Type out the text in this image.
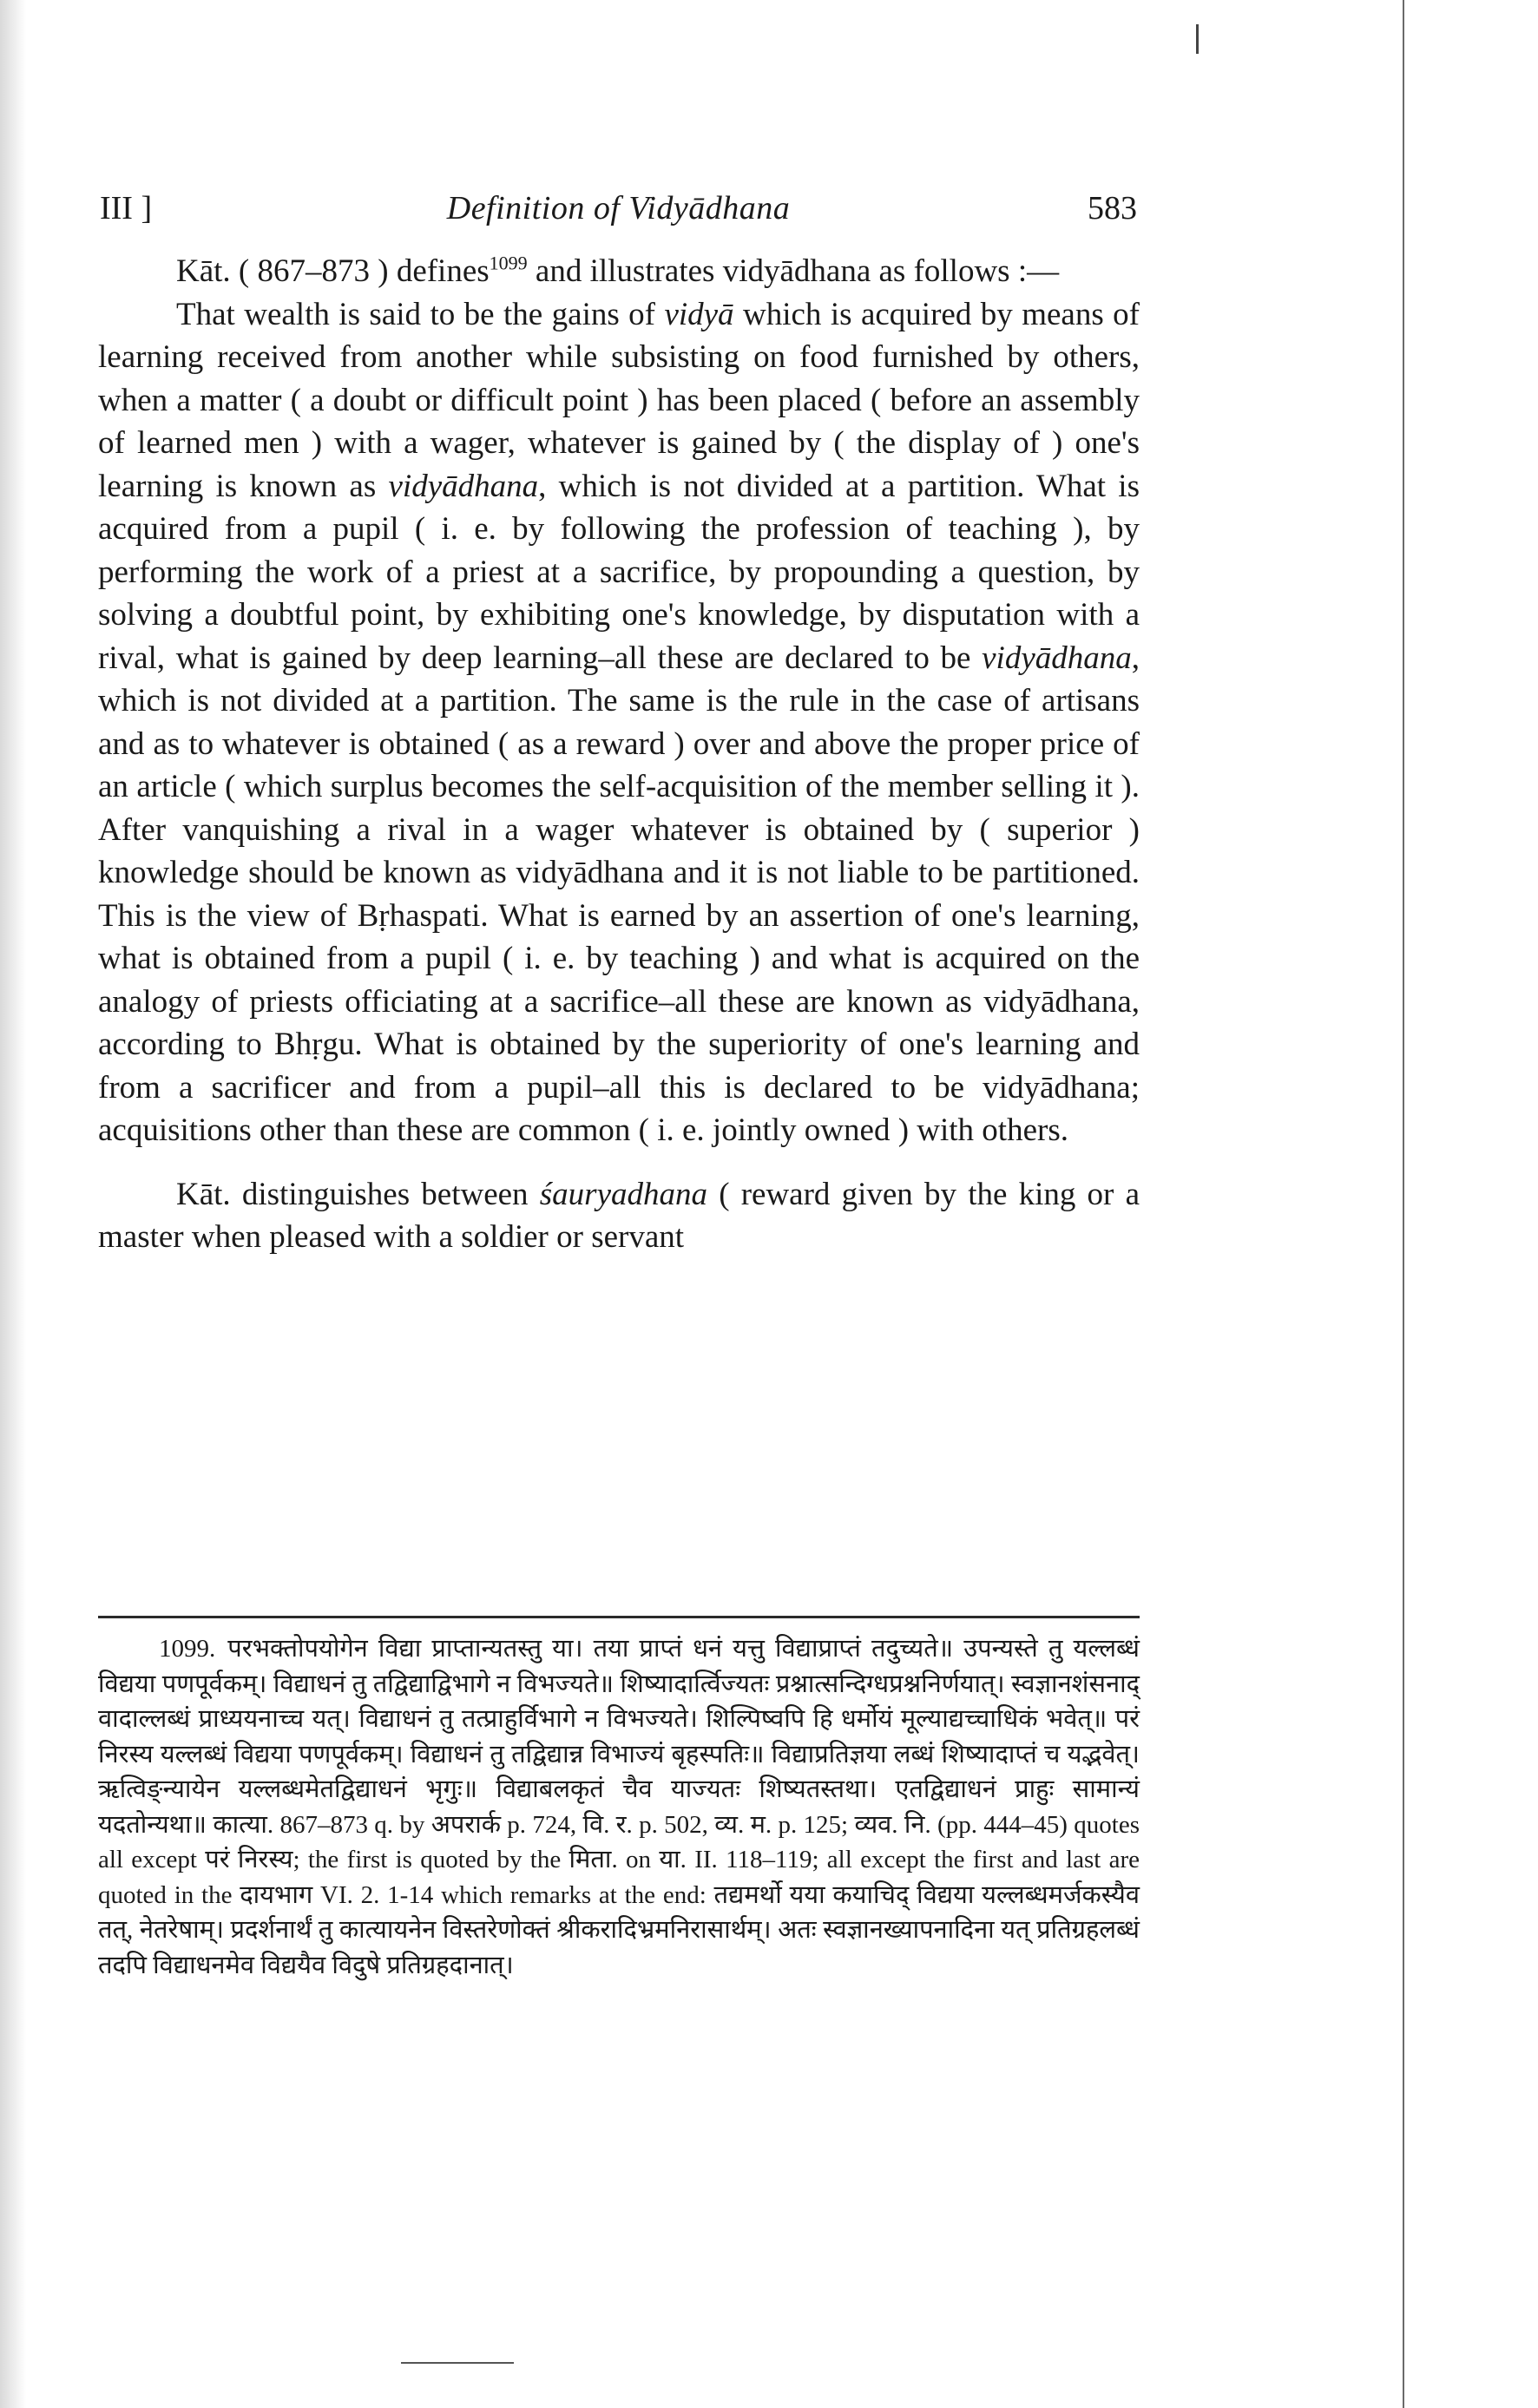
III ]	Definition of Vidyādhana	583

Kāt. ( 867–873 ) defines$^{1099}$ and illustrates vidyādhana as follows :—

That wealth is said to be the gains of vidyā which is acquired by means of learning received from another while subsisting on food furnished by others, when a matter ( a doubt or difficult point ) has been placed ( before an assembly of learned men ) with a wager, whatever is gained by ( the display of ) one's learning is known as vidyādhana, which is not divided at a partition. What is acquired from a pupil ( i. e. by following the profession of teaching ), by performing the work of a priest at a sacrifice, by propounding a question, by solving a doubtful point, by exhibiting one's knowledge, by disputation with a rival, what is gained by deep learning–all these are declared to be vidyādhana, which is not divided at a partition. The same is the rule in the case of artisans and as to whatever is obtained ( as a reward ) over and above the proper price of an article ( which surplus becomes the self-acquisition of the member selling it ). After vanquishing a rival in a wager whatever is obtained by ( superior ) knowledge should be known as vidyādhana and it is not liable to be partitioned. This is the view of Bṛhaspati. What is earned by an assertion of one's learning, what is obtained from a pupil ( i. e. by teaching ) and what is acquired on the analogy of priests officiating at a sacrifice–all these are known as vidyādhana, according to Bhṛgu. What is obtained by the superiority of one's learning and from a sacrificer and from a pupil–all this is declared to be vidyādhana; acquisitions other than these are common ( i. e. jointly owned ) with others.

Kāt. distinguishes between śauryadhana ( reward given by the king or a master when pleased with a soldier or servant

1099. परभक्तोपयोगेन विद्या प्राप्तान्यतस्तु या। तया प्राप्तं धनं यत्तु विद्याप्राप्तं तदुच्यते॥ उपन्यस्ते तु यल्लब्धं विद्यया पणपूर्वकम्। विद्याधनं तु तद्विद्याद्विभागे न विभज्यते॥ शिष्यादार्त्विज्यतः प्रश्नात्सन्दिग्धप्रश्ननिर्णयात्। स्वज्ञानशंसनाद् वादाल्लब्धं प्राध्ययनाच्च यत्। विद्याधनं तु तत्प्राहुर्विभागे न विभज्यते। शिल्पिष्वपि हि धर्मोयं मूल्याद्यच्चाधिकं भवेत्॥ परं निरस्य यल्लब्धं विद्यया पणपूर्वकम्। विद्याधनं तु तद्विद्यान्न विभाज्यं बृहस्पतिः॥ विद्याप्रतिज्ञया लब्धं शिष्यादाप्तं च यद्भवेत्। ऋत्विङ्न्यायेन यल्लब्धमेतद्विद्याधनं भृगुः॥ विद्याबलकृतं चैव याज्यतः शिष्यतस्तथा। एतद्विद्याधनं प्राहुः सामान्यं यदतोन्यथा॥ कात्या. 867–873 q. by अपरार्क p. 724, वि. र. p. 502, व्य. म. p. 125; व्यव. नि. (pp. 444–45) quotes all except परं निरस्य; the first is quoted by the मिता. on या. II. 118–119; all except the first and last are quoted in the दायभाग VI. 2. 1-14 which remarks at the end: तद्यमर्थो यया कयाचिद् विद्यया यल्लब्धमर्जकस्यैव तत्, नेतरेषाम्। प्रदर्शनार्थं तु कात्यायनेन विस्तरेणोक्तं श्रीकरादिभ्रमनिरासार्थम्। अतः स्वज्ञानख्यापनादिना यत् प्रतिग्रहलब्धं तदपि विद्याधनमेव विद्ययैव विदुषे प्रतिग्रहदानात्।
